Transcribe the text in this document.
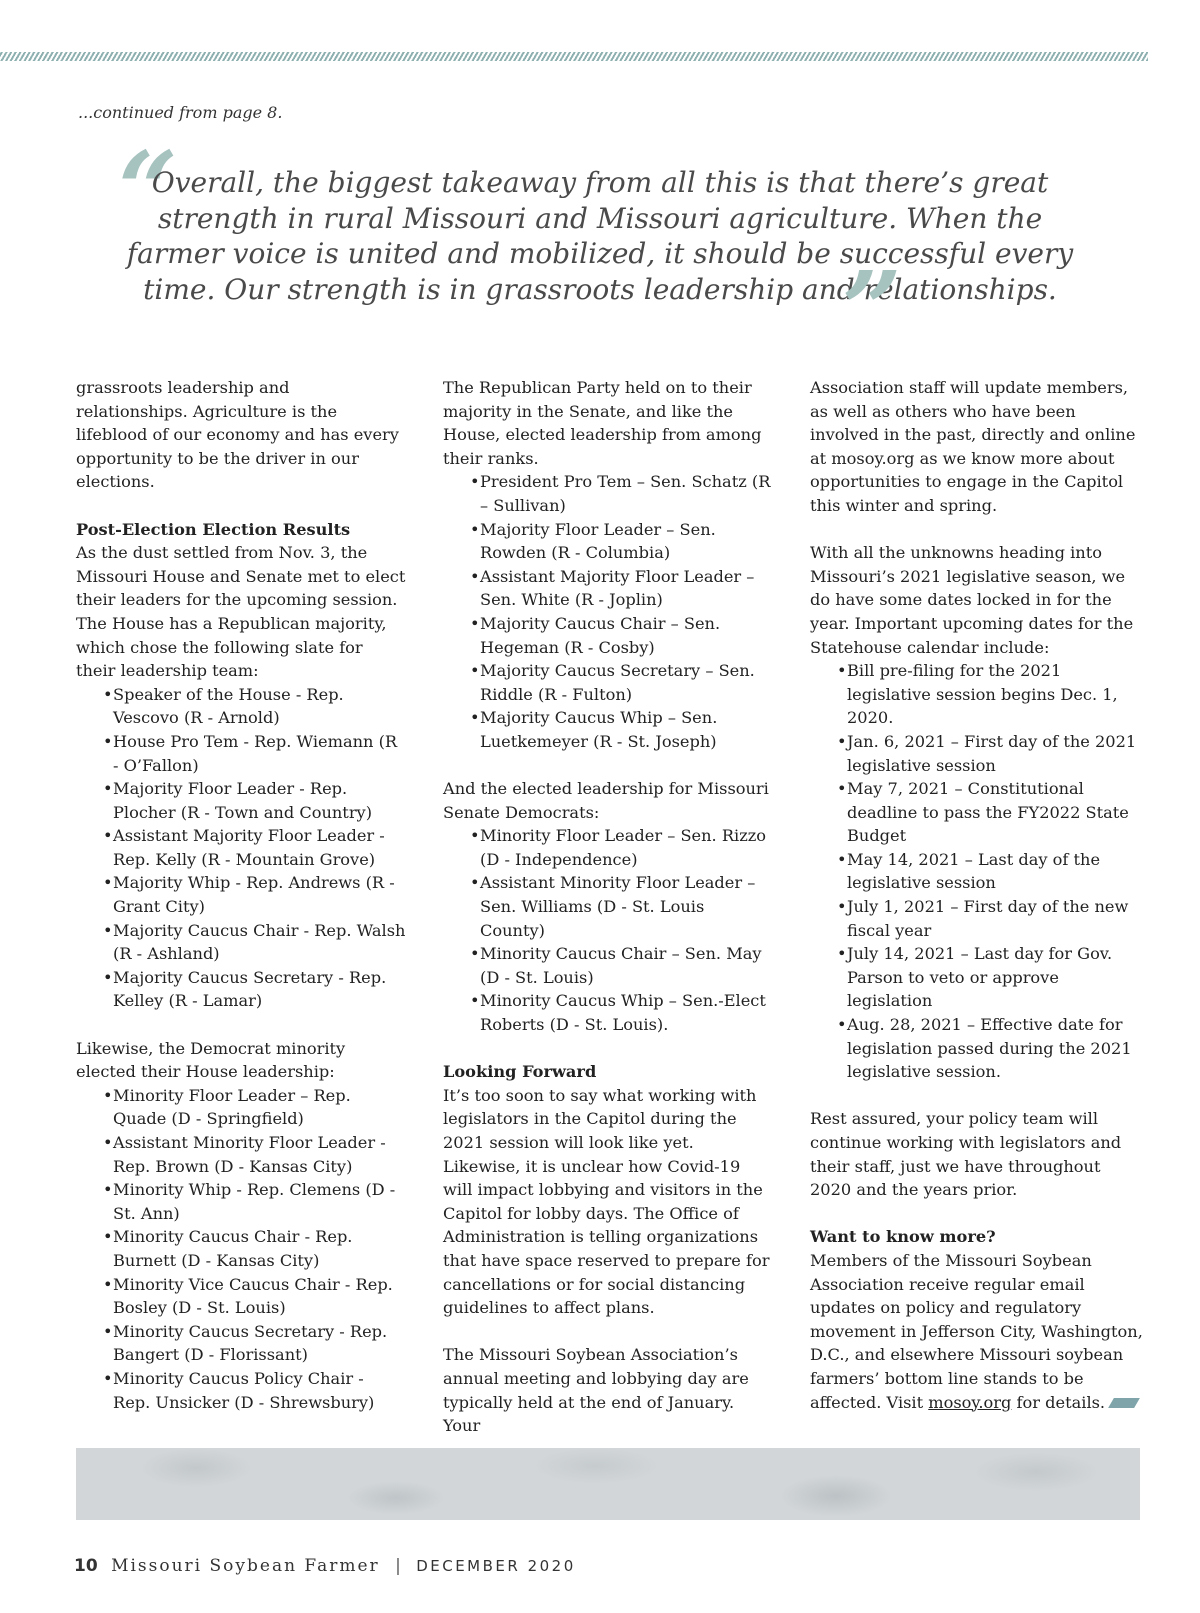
...continued from page 8.
“

Overall, the biggest takeaway from all this is that there’s great strength in rural Missouri and Missouri agriculture. When the farmer voice is united and mobilized, it should be successful every time. Our strength is in grassroots leadership and relationships.

”

grassroots leadership and relationships. Agriculture is the lifeblood of our economy and has every opportunity to be the driver in our elections.

Post-Election Election Results

As the dust settled from Nov. 3, the Missouri House and Senate met to elect their leaders for the upcoming session. The House has a Republican majority, which chose the following slate for their leadership team:

• Speaker of the House - Rep. Vescovo (R - Arnold)
• House Pro Tem - Rep. Wiemann (R - O’Fallon)
• Majority Floor Leader - Rep. Plocher (R - Town and Country)
• Assistant Majority Floor Leader - Rep. Kelly (R - Mountain Grove)
• Majority Whip - Rep. Andrews (R - Grant City)
• Majority Caucus Chair - Rep. Walsh (R - Ashland)
• Majority Caucus Secretary - Rep. Kelley (R - Lamar)

Likewise, the Democrat minority elected their House leadership:

• Minority Floor Leader – Rep. Quade (D - Springfield)
• Assistant Minority Floor Leader - Rep. Brown (D - Kansas City)
• Minority Whip - Rep. Clemens (D - St. Ann)
• Minority Caucus Chair - Rep. Burnett (D - Kansas City)
• Minority Vice Caucus Chair - Rep. Bosley (D - St. Louis)
• Minority Caucus Secretary - Rep. Bangert (D - Florissant)
• Minority Caucus Policy Chair - Rep. Unsicker (D - Shrewsbury)

The Republican Party held on to their majority in the Senate, and like the House, elected leadership from among their ranks.

• President Pro Tem – Sen. Schatz (R – Sullivan)
• Majority Floor Leader – Sen. Rowden (R - Columbia)
• Assistant Majority Floor Leader – Sen. White (R - Joplin)
• Majority Caucus Chair – Sen. Hegeman (R - Cosby)
• Majority Caucus Secretary – Sen. Riddle (R - Fulton)
• Majority Caucus Whip – Sen. Luetkemeyer (R - St. Joseph)

And the elected leadership for Missouri Senate Democrats:

• Minority Floor Leader – Sen. Rizzo (D - Independence)
• Assistant Minority Floor Leader – Sen. Williams (D - St. Louis County)
• Minority Caucus Chair – Sen. May (D - St. Louis)
• Minority Caucus Whip – Sen.-Elect Roberts (D - St. Louis).
Looking Forward

It’s too soon to say what working with legislators in the Capitol during the 2021 session will look like yet. Likewise, it is unclear how Covid-19 will impact lobbying and visitors in the Capitol for lobby days. The Office of Administration is telling organizations that have space reserved to prepare for cancellations or for social distancing guidelines to affect plans.

The Missouri Soybean Association’s annual meeting and lobbying day are typically held at the end of January. Your

Association staff will update members, as well as others who have been involved in the past, directly and online at mosoy.org as we know more about opportunities to engage in the Capitol this winter and spring.

With all the unknowns heading into Missouri’s 2021 legislative season, we do have some dates locked in for the year. Important upcoming dates for the Statehouse calendar include:

• Bill pre-filing for the 2021 legislative session begins Dec. 1, 2020.
• Jan. 6, 2021 – First day of the 2021 legislative session
• May 7, 2021 – Constitutional deadline to pass the FY2022 State Budget
• May 14, 2021 – Last day of the legislative session
• July 1, 2021 – First day of the new fiscal year
• July 14, 2021 – Last day for Gov. Parson to veto or approve legislation
• Aug. 28, 2021 – Effective date for legislation passed during the 2021 legislative session.

Rest assured, your policy team will continue working with legislators and their staff, just we have throughout 2020 and the years prior.

Want to know more?

Members of the Missouri Soybean Association receive regular email updates on policy and regulatory movement in Jefferson City, Washington, D.C., and elsewhere Missouri soybean farmers’ bottom line stands to be affected. Visit mosoy.org for details.

10 Missouri Soybean Farmer | DECEMBER 2020
